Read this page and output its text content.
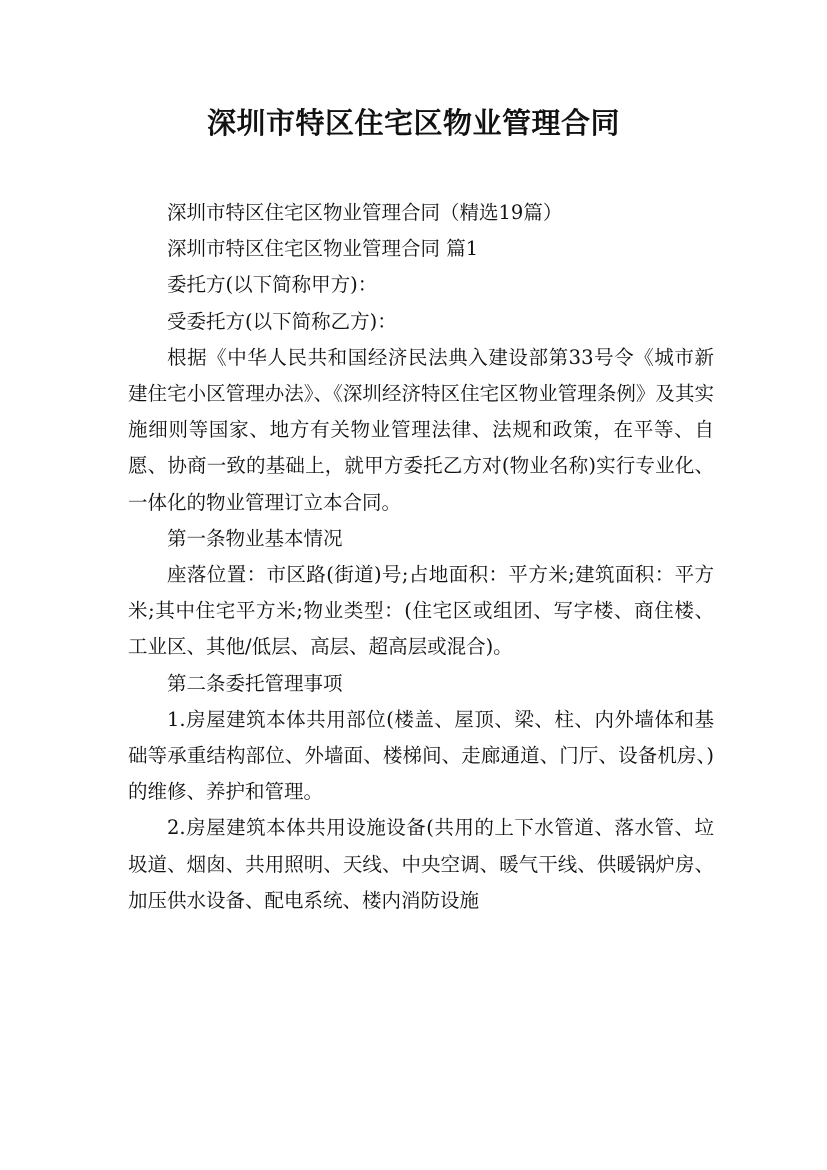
深圳市特区住宅区物业管理合同

深圳市特区住宅区物业管理合同（精选19篇）

深圳市特区住宅区物业管理合同 篇1

委托方(以下简称甲方)：

受委托方(以下简称乙方)：

根据《中华人民共和国经济民法典入建设部第33号令《城市新建住宅小区管理办法》、《深圳经济特区住宅区物业管理条例》及其实施细则等国家、地方有关物业管理法律、法规和政策，在平等、自愿、协商一致的基础上，就甲方委托乙方对(物业名称)实行专业化、一体化的物业管理订立本合同。

第一条物业基本情况

座落位置：市区路(街道)号;占地面积：平方米;建筑面积：平方米;其中住宅平方米;物业类型：(住宅区或组团、写字楼、商住楼、工业区、其他/低层、高层、超高层或混合)。

第二条委托管理事项

1.房屋建筑本体共用部位(楼盖、屋顶、梁、柱、内外墙体和基础等承重结构部位、外墙面、楼梯间、走廊通道、门厅、设备机房、)的维修、养护和管理。

2.房屋建筑本体共用设施设备(共用的上下水管道、落水管、垃圾道、烟囱、共用照明、天线、中央空调、暖气干线、供暖锅炉房、加压供水设备、配电系统、楼内消防设施
